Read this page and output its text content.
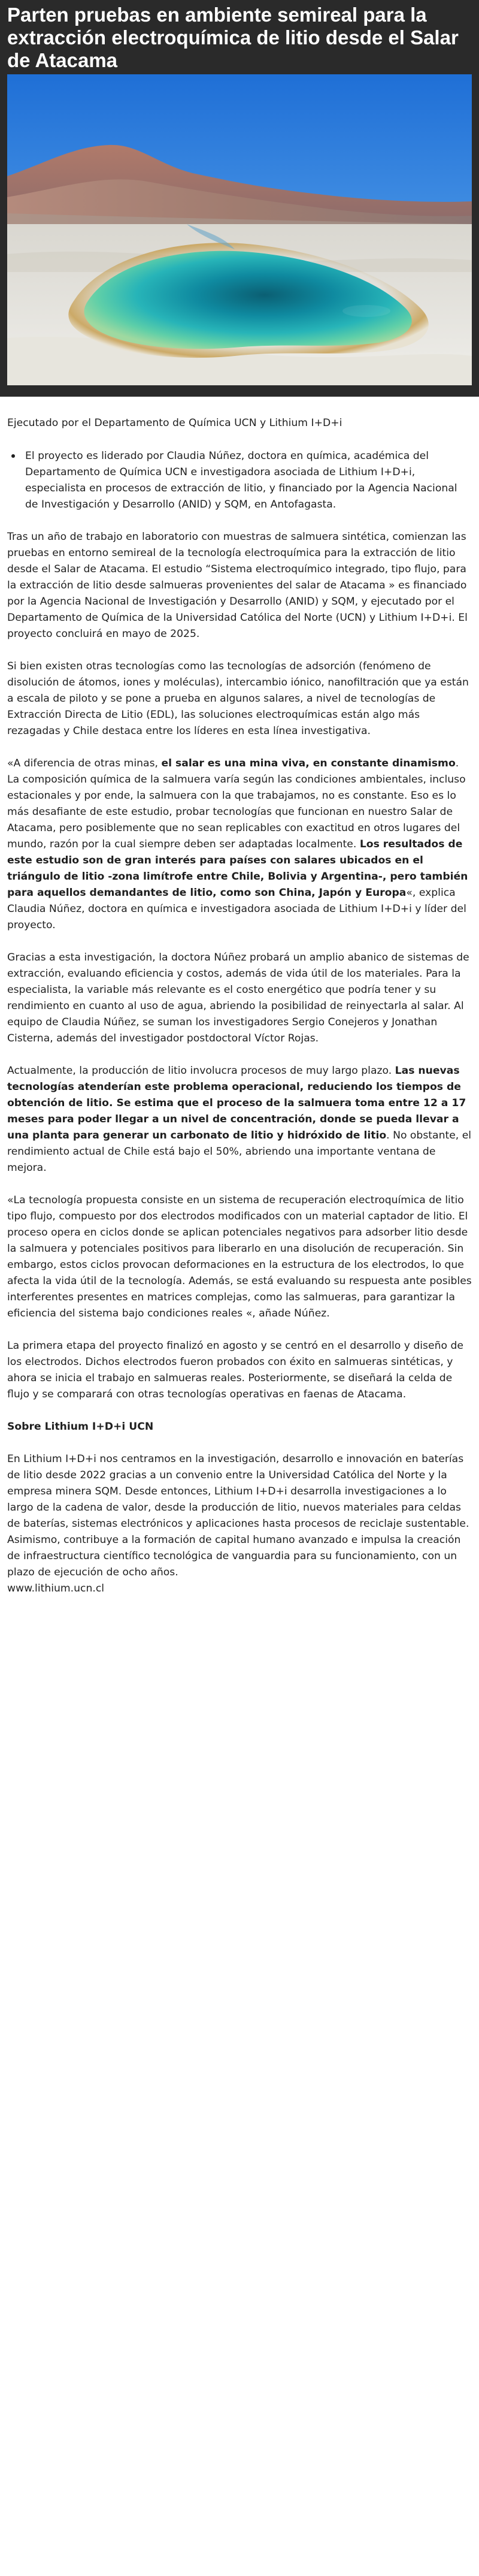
Parten pruebas en ambiente semireal para la extracción electroquímica de litio desde el Salar de Atacama

Ejecutado por el Departamento de Química UCN y Lithium I+D+i

El proyecto es liderado por Claudia Núñez, doctora en química, académica del Departamento de Química UCN e investigadora asociada de Lithium I+D+i, especialista en procesos de extracción de litio, y financiado por la Agencia Nacional de Investigación y Desarrollo (ANID) y SQM, en Antofagasta.

Tras un año de trabajo en laboratorio con muestras de salmuera sintética, comienzan las pruebas en entorno semireal de la tecnología electroquímica para la extracción de litio desde el Salar de Atacama. El estudio “Sistema electroquímico integrado, tipo flujo, para la extracción de litio desde salmueras provenientes del salar de Atacama » es financiado por la Agencia Nacional de Investigación y Desarrollo (ANID) y SQM, y ejecutado por el Departamento de Química de la Universidad Católica del Norte (UCN) y Lithium I+D+i. El proyecto concluirá en mayo de 2025.

Si bien existen otras tecnologías como las tecnologías de adsorción (fenómeno de disolución de átomos, iones y moléculas), intercambio iónico, nanofiltración que ya están a escala de piloto y se pone a prueba en algunos salares, a nivel de tecnologías de Extracción Directa de Litio (EDL), las soluciones electroquímicas están algo más rezagadas y Chile destaca entre los líderes en esta línea investigativa.

«A diferencia de otras minas, el salar es una mina viva, en constante dinamismo. La composición química de la salmuera varía según las condiciones ambientales, incluso estacionales y por ende, la salmuera con la que trabajamos, no es constante. Eso es lo más desafiante de este estudio, probar tecnologías que funcionan en nuestro Salar de Atacama, pero posiblemente que no sean replicables con exactitud en otros lugares del mundo, razón por la cual siempre deben ser adaptadas localmente. Los resultados de este estudio son de gran interés para países con salares ubicados en el triángulo de litio -zona limítrofe entre Chile, Bolivia y Argentina-, pero también para aquellos demandantes de litio, como son China, Japón y Europa«, explica Claudia Núñez, doctora en química e investigadora asociada de Lithium I+D+i y líder del proyecto.

Gracias a esta investigación, la doctora Núñez probará un amplio abanico de sistemas de extracción, evaluando eficiencia y costos, además de vida útil de los materiales. Para la especialista, la variable más relevante es el costo energético que podría tener y su rendimiento en cuanto al uso de agua, abriendo la posibilidad de reinyectarla al salar. Al equipo de Claudia Núñez, se suman los investigadores Sergio Conejeros y Jonathan Cisterna, además del investigador postdoctoral Víctor Rojas.

Actualmente, la producción de litio involucra procesos de muy largo plazo. Las nuevas tecnologías atenderían este problema operacional, reduciendo los tiempos de obtención de litio. Se estima que el proceso de la salmuera toma entre 12 a 17 meses para poder llegar a un nivel de concentración, donde se pueda llevar a una planta para generar un carbonato de litio y hidróxido de litio. No obstante, el rendimiento actual de Chile está bajo el 50%, abriendo una importante ventana de mejora.

«La tecnología propuesta consiste en un sistema de recuperación electroquímica de litio tipo flujo, compuesto por dos electrodos modificados con un material captador de litio. El proceso opera en ciclos donde se aplican potenciales negativos para adsorber litio desde la salmuera y potenciales positivos para liberarlo en una disolución de recuperación. Sin embargo, estos ciclos provocan deformaciones en la estructura de los electrodos, lo que afecta la vida útil de la tecnología. Además, se está evaluando su respuesta ante posibles interferentes presentes en matrices complejas, como las salmueras, para garantizar la eficiencia del sistema bajo condiciones reales «, añade Núñez.

La primera etapa del proyecto finalizó en agosto y se centró en el desarrollo y diseño de los electrodos. Dichos electrodos fueron probados con éxito en salmueras sintéticas, y ahora se inicia el trabajo en salmueras reales. Posteriormente, se diseñará la celda de flujo y se comparará con otras tecnologías operativas en faenas de Atacama.

Sobre Lithium I+D+i UCN

En Lithium I+D+i nos centramos en la investigación, desarrollo e innovación en baterías de litio desde 2022 gracias a un convenio entre la Universidad Católica del Norte y la empresa minera SQM. Desde entonces, Lithium I+D+i desarrolla investigaciones a lo largo de la cadena de valor, desde la producción de litio, nuevos materiales para celdas de baterías, sistemas electrónicos y aplicaciones hasta procesos de reciclaje sustentable. Asimismo, contribuye a la formación de capital humano avanzado e impulsa la creación de infraestructura científico tecnológica de vanguardia para su funcionamiento, con un plazo de ejecución de ocho años.

www.lithium.ucn.cl
